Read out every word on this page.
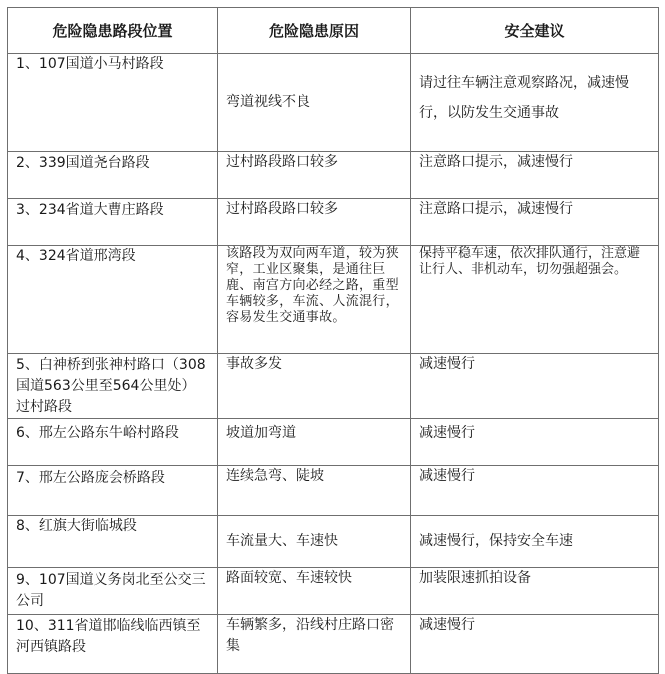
危险隐患路段位置	危险隐患原因	安全建议
1、107国道小马村路段	弯道视线不良	请过往车辆注意观察路况，减速慢行，以防发生交通事故
2、339国道尧台路段	过村路段路口较多	注意路口提示，减速慢行
3、234省道大曹庄路段	过村路段路口较多	注意路口提示，减速慢行
4、324省道邢湾段	该路段为双向两车道，较为狭窄，工业区聚集，是通往巨鹿、南宫方向必经之路，重型车辆较多，车流、人流混行，容易发生交通事故。	保持平稳车速，依次排队通行，注意避让行人、非机动车，切勿强超强会。
5、白神桥到张神村路口（308国道563公里至564公里处）过村路段	事故多发	减速慢行
6、邢左公路东牛峪村路段	坡道加弯道	减速慢行
7、邢左公路庞会桥路段	连续急弯、陡坡	减速慢行
8、红旗大街临城段	车流量大、车速快	减速慢行，保持安全车速
9、107国道义务岗北至公交三公司	路面较宽、车速较快	加装限速抓拍设备
10、311省道邯临线临西镇至河西镇路段	车辆繁多，沿线村庄路口密集	减速慢行
